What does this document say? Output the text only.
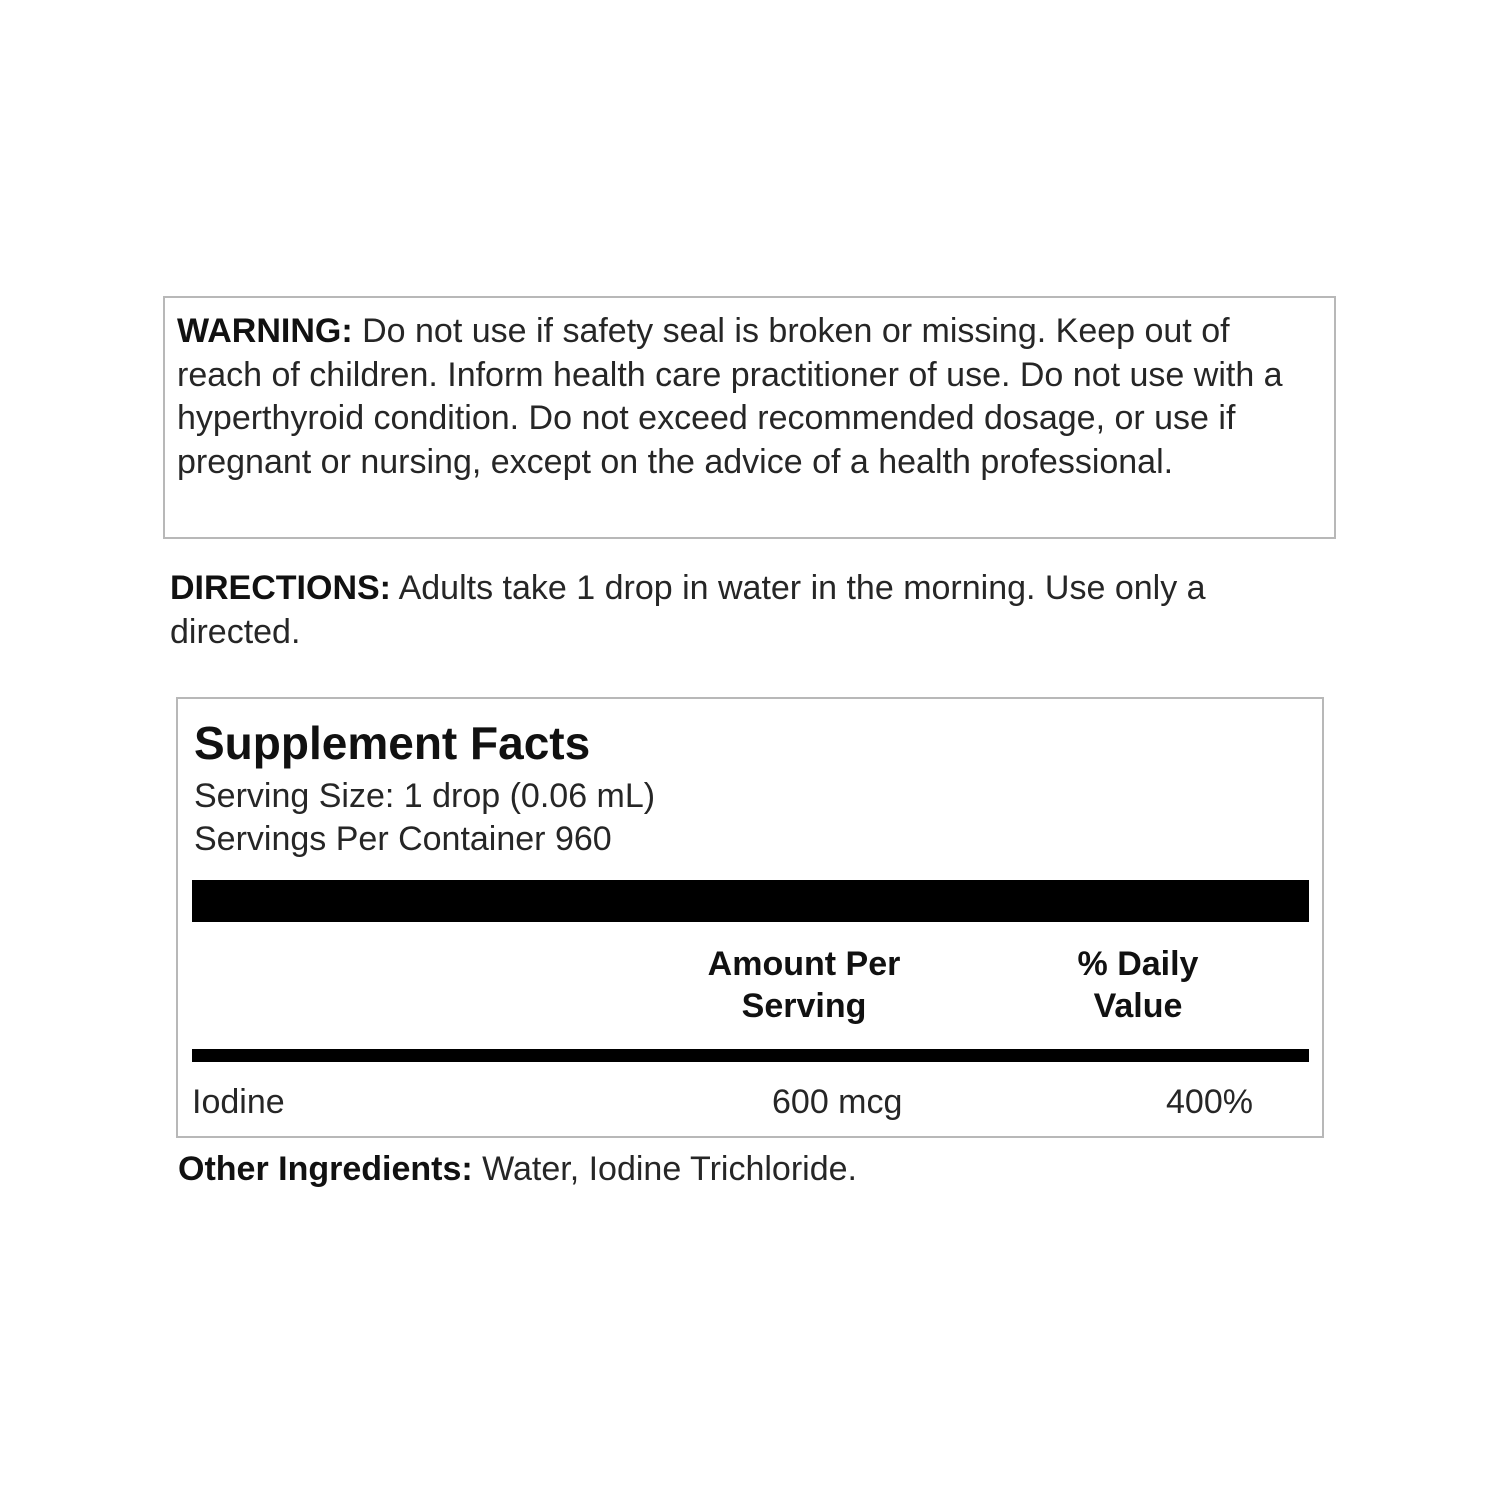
WARNING: Do not use if safety seal is broken or missing. Keep out of reach of children. Inform health care practitioner of use. Do not use with a hyperthyroid condition. Do not exceed recommended dosage, or use if pregnant or nursing, except on the advice of a health professional.
DIRECTIONS: Adults take 1 drop in water in the morning. Use only a directed.
Supplement Facts
Serving Size: 1 drop (0.06 mL)
Servings Per Container 960
Amount Per
Serving
% Daily
Value
Iodine	600 mcg	400%
Other Ingredients: Water, Iodine Trichloride.
